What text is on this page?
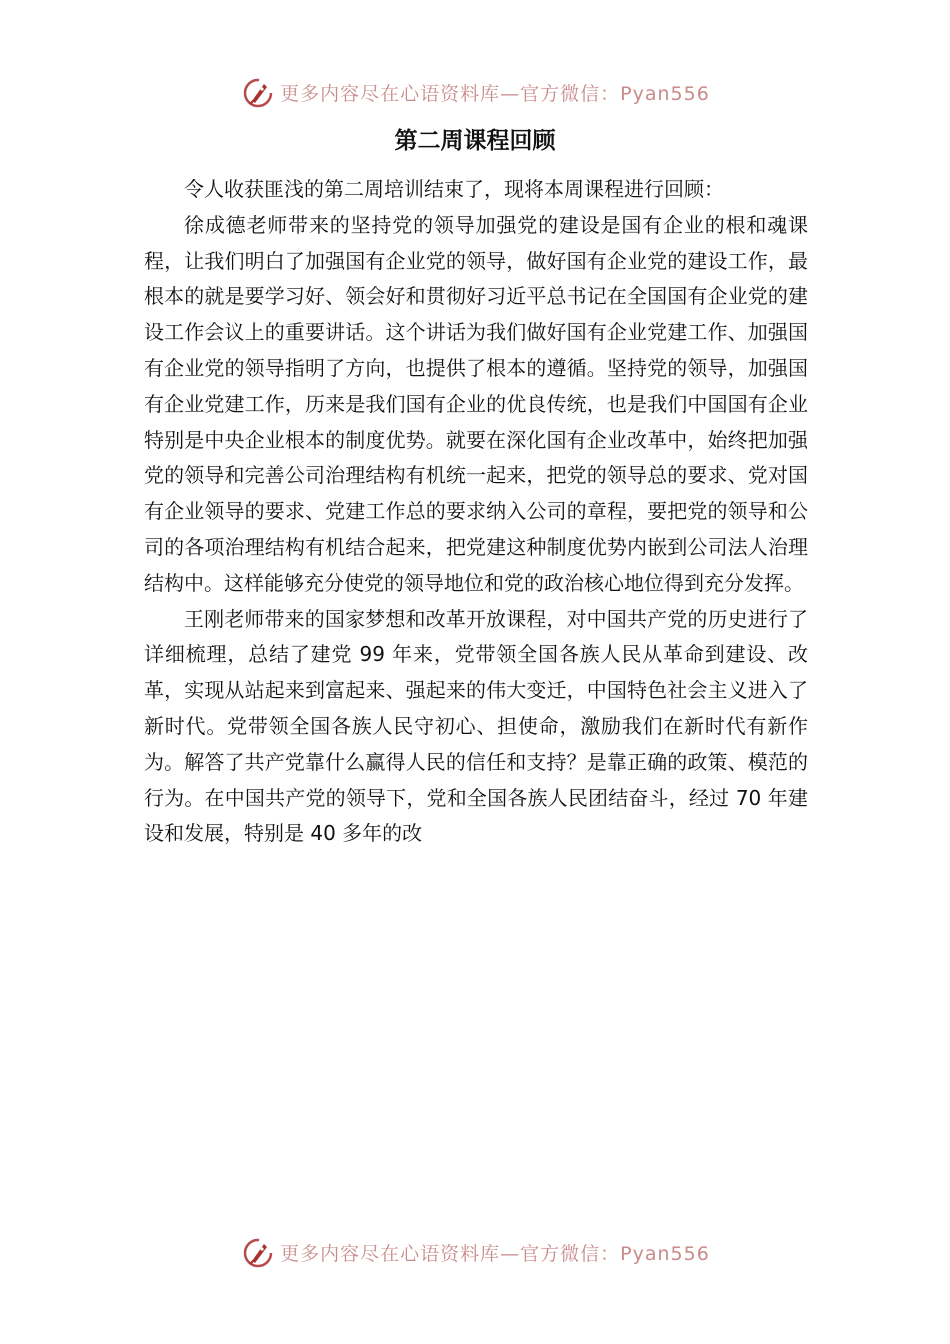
更多内容尽在心语资料库—官方微信：Pyan556
第二周课程回顾

令人收获匪浅的第二周培训结束了，现将本周课程进行回顾：

徐成德老师带来的坚持党的领导加强党的建设是国有企业的根和魂课程，让我们明白了加强国有企业党的领导，做好国有企业党的建设工作，最根本的就是要学习好、领会好和贯彻好习近平总书记在全国国有企业党的建设工作会议上的重要讲话。这个讲话为我们做好国有企业党建工作、加强国有企业党的领导指明了方向，也提供了根本的遵循。坚持党的领导，加强国有企业党建工作，历来是我们国有企业的优良传统，也是我们中国国有企业特别是中央企业根本的制度优势。就要在深化国有企业改革中，始终把加强党的领导和完善公司治理结构有机统一起来，把党的领导总的要求、党对国有企业领导的要求、党建工作总的要求纳入公司的章程，要把党的领导和公司的各项治理结构有机结合起来，把党建这种制度优势内嵌到公司法人治理结构中。这样能够充分使党的领导地位和党的政治核心地位得到充分发挥。

王刚老师带来的国家梦想和改革开放课程，对中国共产党的历史进行了详细梳理，总结了建党 99 年来，党带领全国各族人民从革命到建设、改革，实现从站起来到富起来、强起来的伟大变迁，中国特色社会主义进入了新时代。党带领全国各族人民守初心、担使命，激励我们在新时代有新作为。解答了共产党靠什么赢得人民的信任和支持？是靠正确的政策、模范的行为。在中国共产党的领导下，党和全国各族人民团结奋斗，经过 70 年建设和发展，特别是 40 多年的改

更多内容尽在心语资料库—官方微信：Pyan556
